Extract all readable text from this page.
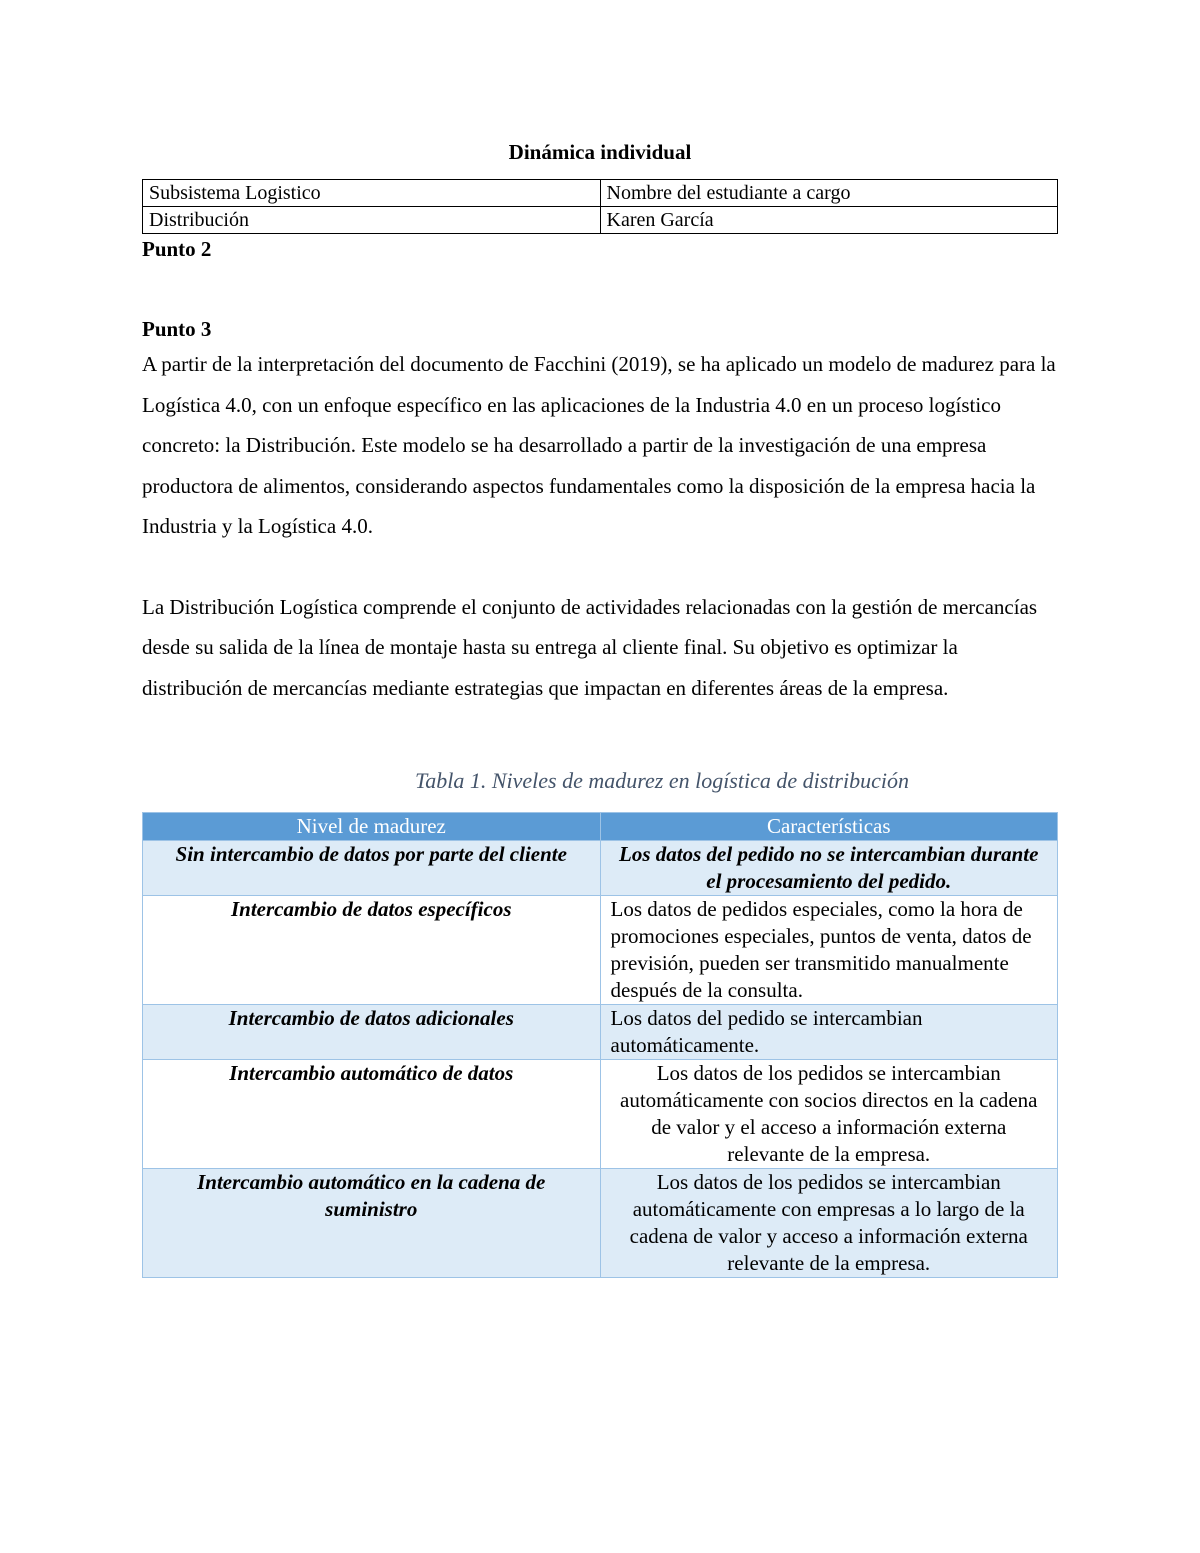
Dinámica individual
Subsistema Logistico	Nombre del estudiante a cargo
Distribución	Karen García
Punto 2
Punto 3

A partir de la interpretación del documento de Facchini (2019), se ha aplicado un modelo de madurez para la Logística 4.0, con un enfoque específico en las aplicaciones de la Industria 4.0 en un proceso logístico concreto: la Distribución. Este modelo se ha desarrollado a partir de la investigación de una empresa productora de alimentos, considerando aspectos fundamentales como la disposición de la empresa hacia la Industria y la Logística 4.0.

La Distribución Logística comprende el conjunto de actividades relacionadas con la gestión de mercancías desde su salida de la línea de montaje hasta su entrega al cliente final. Su objetivo es optimizar la distribución de mercancías mediante estrategias que impactan en diferentes áreas de la empresa.

Tabla 1. Niveles de madurez en logística de distribución
Nivel de madurez	Características
Sin intercambio de datos por parte del cliente	Los datos del pedido no se intercambian durante el procesamiento del pedido.
Intercambio de datos específicos	Los datos de pedidos especiales, como la hora de promociones especiales, puntos de venta, datos de previsión, pueden ser transmitido manualmente después de la consulta.
Intercambio de datos adicionales	Los datos del pedido se intercambian automáticamente.
Intercambio automático de datos	Los datos de los pedidos se intercambian automáticamente con socios directos en la cadena de valor y el acceso a información externa relevante de la empresa.
Intercambio automático en la cadena de suministro	Los datos de los pedidos se intercambian automáticamente con empresas a lo largo de la cadena de valor y acceso a información externa relevante de la empresa.
